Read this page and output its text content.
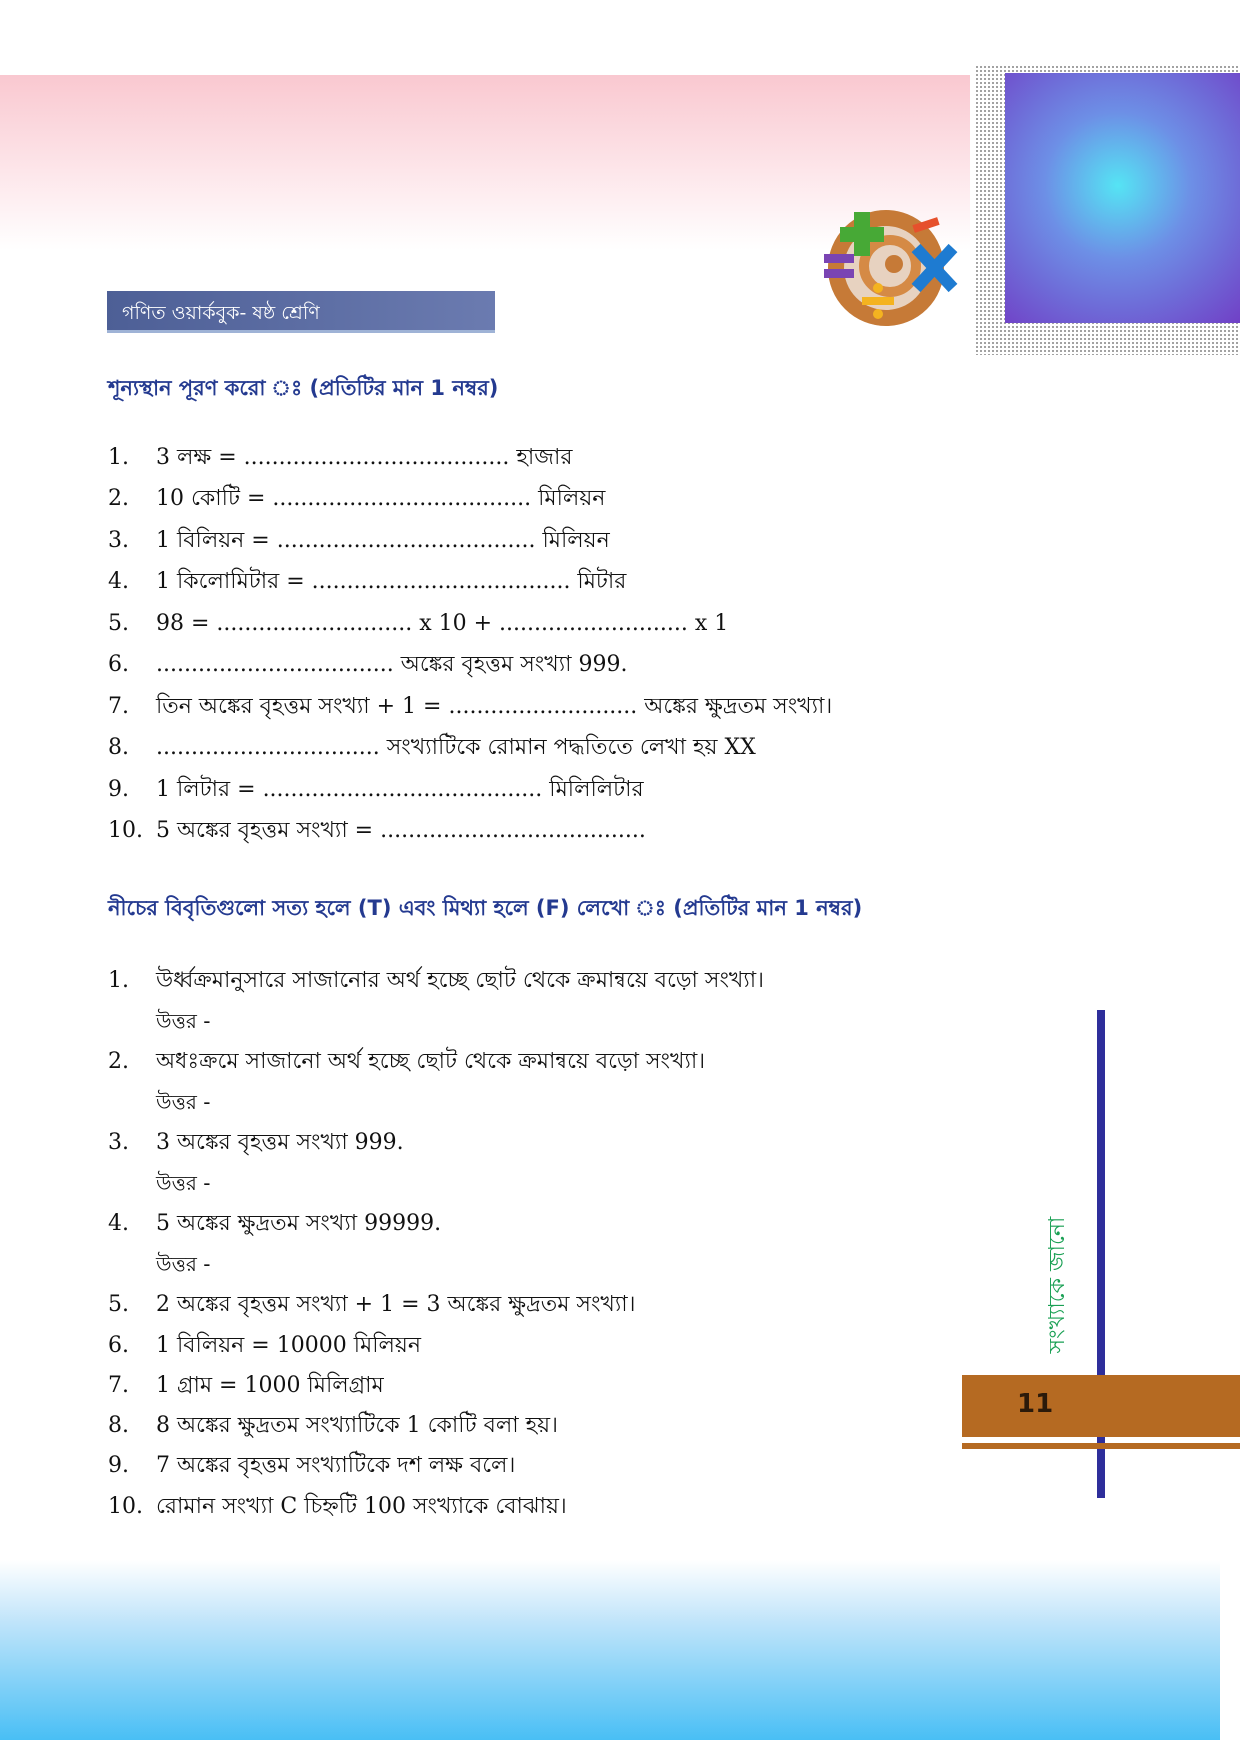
গণিত ওয়ার্কবুক- ষষ্ঠ শ্রেণি
শূন্যস্থান পূরণ করো ঃ (প্রতিটির মান 1 নম্বর)
1. 3 লক্ষ = ...................................... হাজার
2. 10 কোটি = ..................................... মিলিয়ন
3. 1 বিলিয়ন = ..................................... মিলিয়ন
4. 1 কিলোমিটার = ..................................... মিটার
5. 98 = ............................ x 10 + ........................... x 1
6. .................................. অঙ্কের বৃহত্তম সংখ্যা 999.
7. তিন অঙ্কের বৃহত্তম সংখ্যা + 1 = ........................... অঙ্কের ক্ষুদ্রতম সংখ্যা।
8. ................................ সংখ্যাটিকে রোমান পদ্ধতিতে লেখা হয় XX
9. 1 লিটার = ........................................ মিলিলিটার
10. 5 অঙ্কের বৃহত্তম সংখ্যা = ......................................
নীচের বিবৃতিগুলো সত্য হলে (T) এবং মিথ্যা হলে (F) লেখো ঃ (প্রতিটির মান 1 নম্বর)
1. উর্ধ্বক্রমানুসারে সাজানোর অর্থ হচ্ছে ছোট থেকে ক্রমান্বয়ে বড়ো সংখ্যা।
উত্তর -
2. অধঃক্রমে সাজানো অর্থ হচ্ছে ছোট থেকে ক্রমান্বয়ে বড়ো সংখ্যা।
উত্তর -
3. 3 অঙ্কের বৃহত্তম সংখ্যা 999.
উত্তর -
4. 5 অঙ্কের ক্ষুদ্রতম সংখ্যা 99999.
উত্তর -
5. 2 অঙ্কের বৃহত্তম সংখ্যা + 1 = 3 অঙ্কের ক্ষুদ্রতম সংখ্যা।
6. 1 বিলিয়ন = 10000 মিলিয়ন
7. 1 গ্রাম = 1000 মিলিগ্রাম
8. 8 অঙ্কের ক্ষুদ্রতম সংখ্যাটিকে 1 কোটি বলা হয়।
9. 7 অঙ্কের বৃহত্তম সংখ্যাটিকে দশ লক্ষ বলে।
10. রোমান সংখ্যা C চিহ্নটি 100 সংখ্যাকে বোঝায়।
সংখ্যাকে জানো
11
